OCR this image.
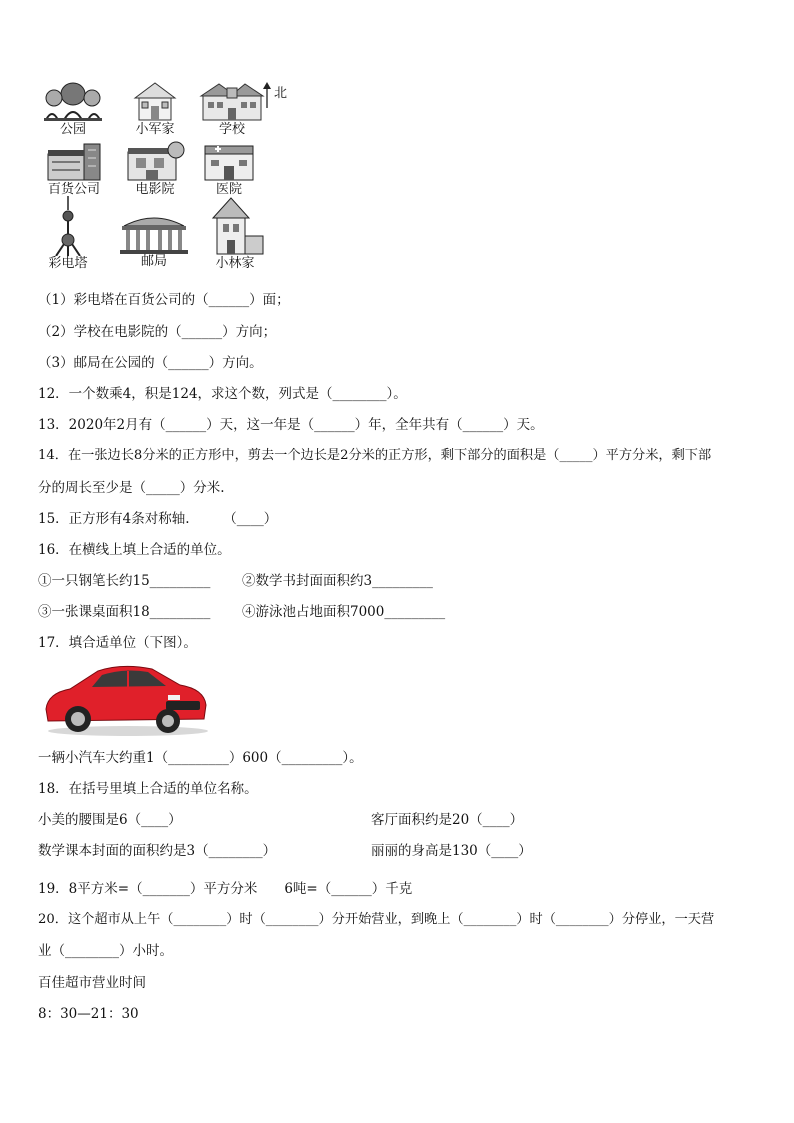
公园	小军家	学校
北
百货公司	电影院	医院
彩电塔	邮局	小林家
（1）彩电塔在百货公司的（______）面；
（2）学校在电影院的（______）方向；
（3）邮局在公园的（______）方向。
12．一个数乘4，积是124，求这个数，列式是（________）。
13．2020年2月有（______）天，这一年是（______）年，全年共有（______）天。
14．在一张边长8分米的正方形中，剪去一个边长是2分米的正方形，剩下部分的面积是（_____）平方分米，剩下部
分的周长至少是（_____）分米.
15．正方形有4条对称轴.　　　（____）
16．在横线上填上合适的单位。
①一只钢笔长约15_________ ②数学书封面面积约3_________
③一张课桌面积18_________ ④游泳池占地面积7000_________
17．填合适单位（下图）。
一辆小汽车大约重1（_________）600（_________）。
18．在括号里填上合适的单位名称。
小美的腰围是6（____）	客厅面积约是20（____）
数学课本封面的面积约是3（________）	丽丽的身高是130（____）
19．8平方米=（_______）平方分米　　6吨=（______）千克
20．这个超市从上午（________）时（________）分开始营业，到晚上（________）时（________）分停业，一天营
业（________）小时。
百佳超市营业时间
8：30—21：30
